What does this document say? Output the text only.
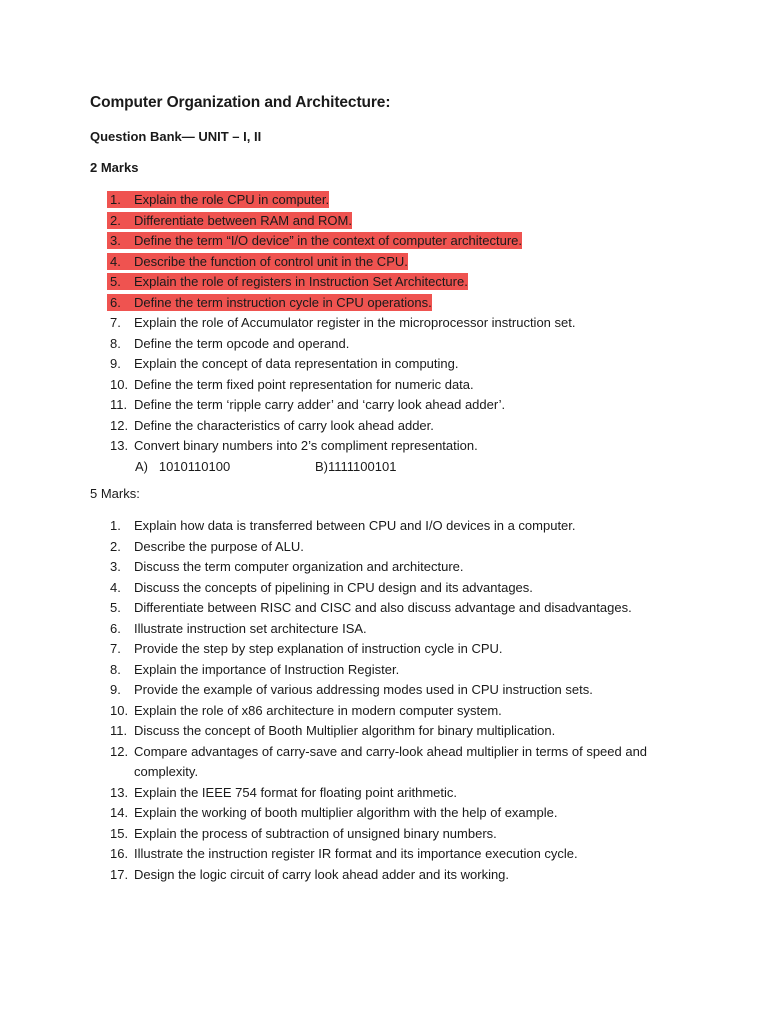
Computer Organization and Architecture:
Question Bank— UNIT – I, II
2 Marks
1. Explain the role CPU in computer.
2. Differentiate between RAM and ROM.
3. Define the term “I/O device” in the context of computer architecture.
4. Describe the function of control unit in the CPU.
5. Explain the role of registers in Instruction Set Architecture.
6. Define the term instruction cycle in CPU operations.
7. Explain the role of Accumulator register in the microprocessor instruction set.
8. Define the term opcode and operand.
9. Explain the concept of data representation in computing.
10. Define the term fixed point representation for numeric data.
11. Define the term ‘ripple carry adder’ and ‘carry look ahead adder’.
12. Define the characteristics of carry look ahead adder.
13. Convert binary numbers into 2’s compliment representation.
A)   1010110100	B)1111100101
5 Marks:
1. Explain how data is transferred between CPU and I/O devices in a computer.
2. Describe the purpose of ALU.
3. Discuss the term computer organization and architecture.
4. Discuss the concepts of pipelining in CPU design and its advantages.
5. Differentiate between RISC and CISC and also discuss advantage and disadvantages.
6. Illustrate instruction set architecture ISA.
7. Provide the step by step explanation of instruction cycle in CPU.
8. Explain the importance of Instruction Register.
9. Provide the example of various addressing modes used in CPU instruction sets.
10. Explain the role of x86 architecture in modern computer system.
11. Discuss the concept of Booth Multiplier algorithm for binary multiplication.
12. Compare advantages of carry-save and carry-look ahead multiplier in terms of speed and complexity.
13. Explain the IEEE 754 format for floating point arithmetic.
14. Explain the working of booth multiplier algorithm with the help of example.
15. Explain the process of subtraction of unsigned binary numbers.
16. Illustrate the instruction register IR format and its importance execution cycle.
17. Design the logic circuit of carry look ahead adder and its working.
